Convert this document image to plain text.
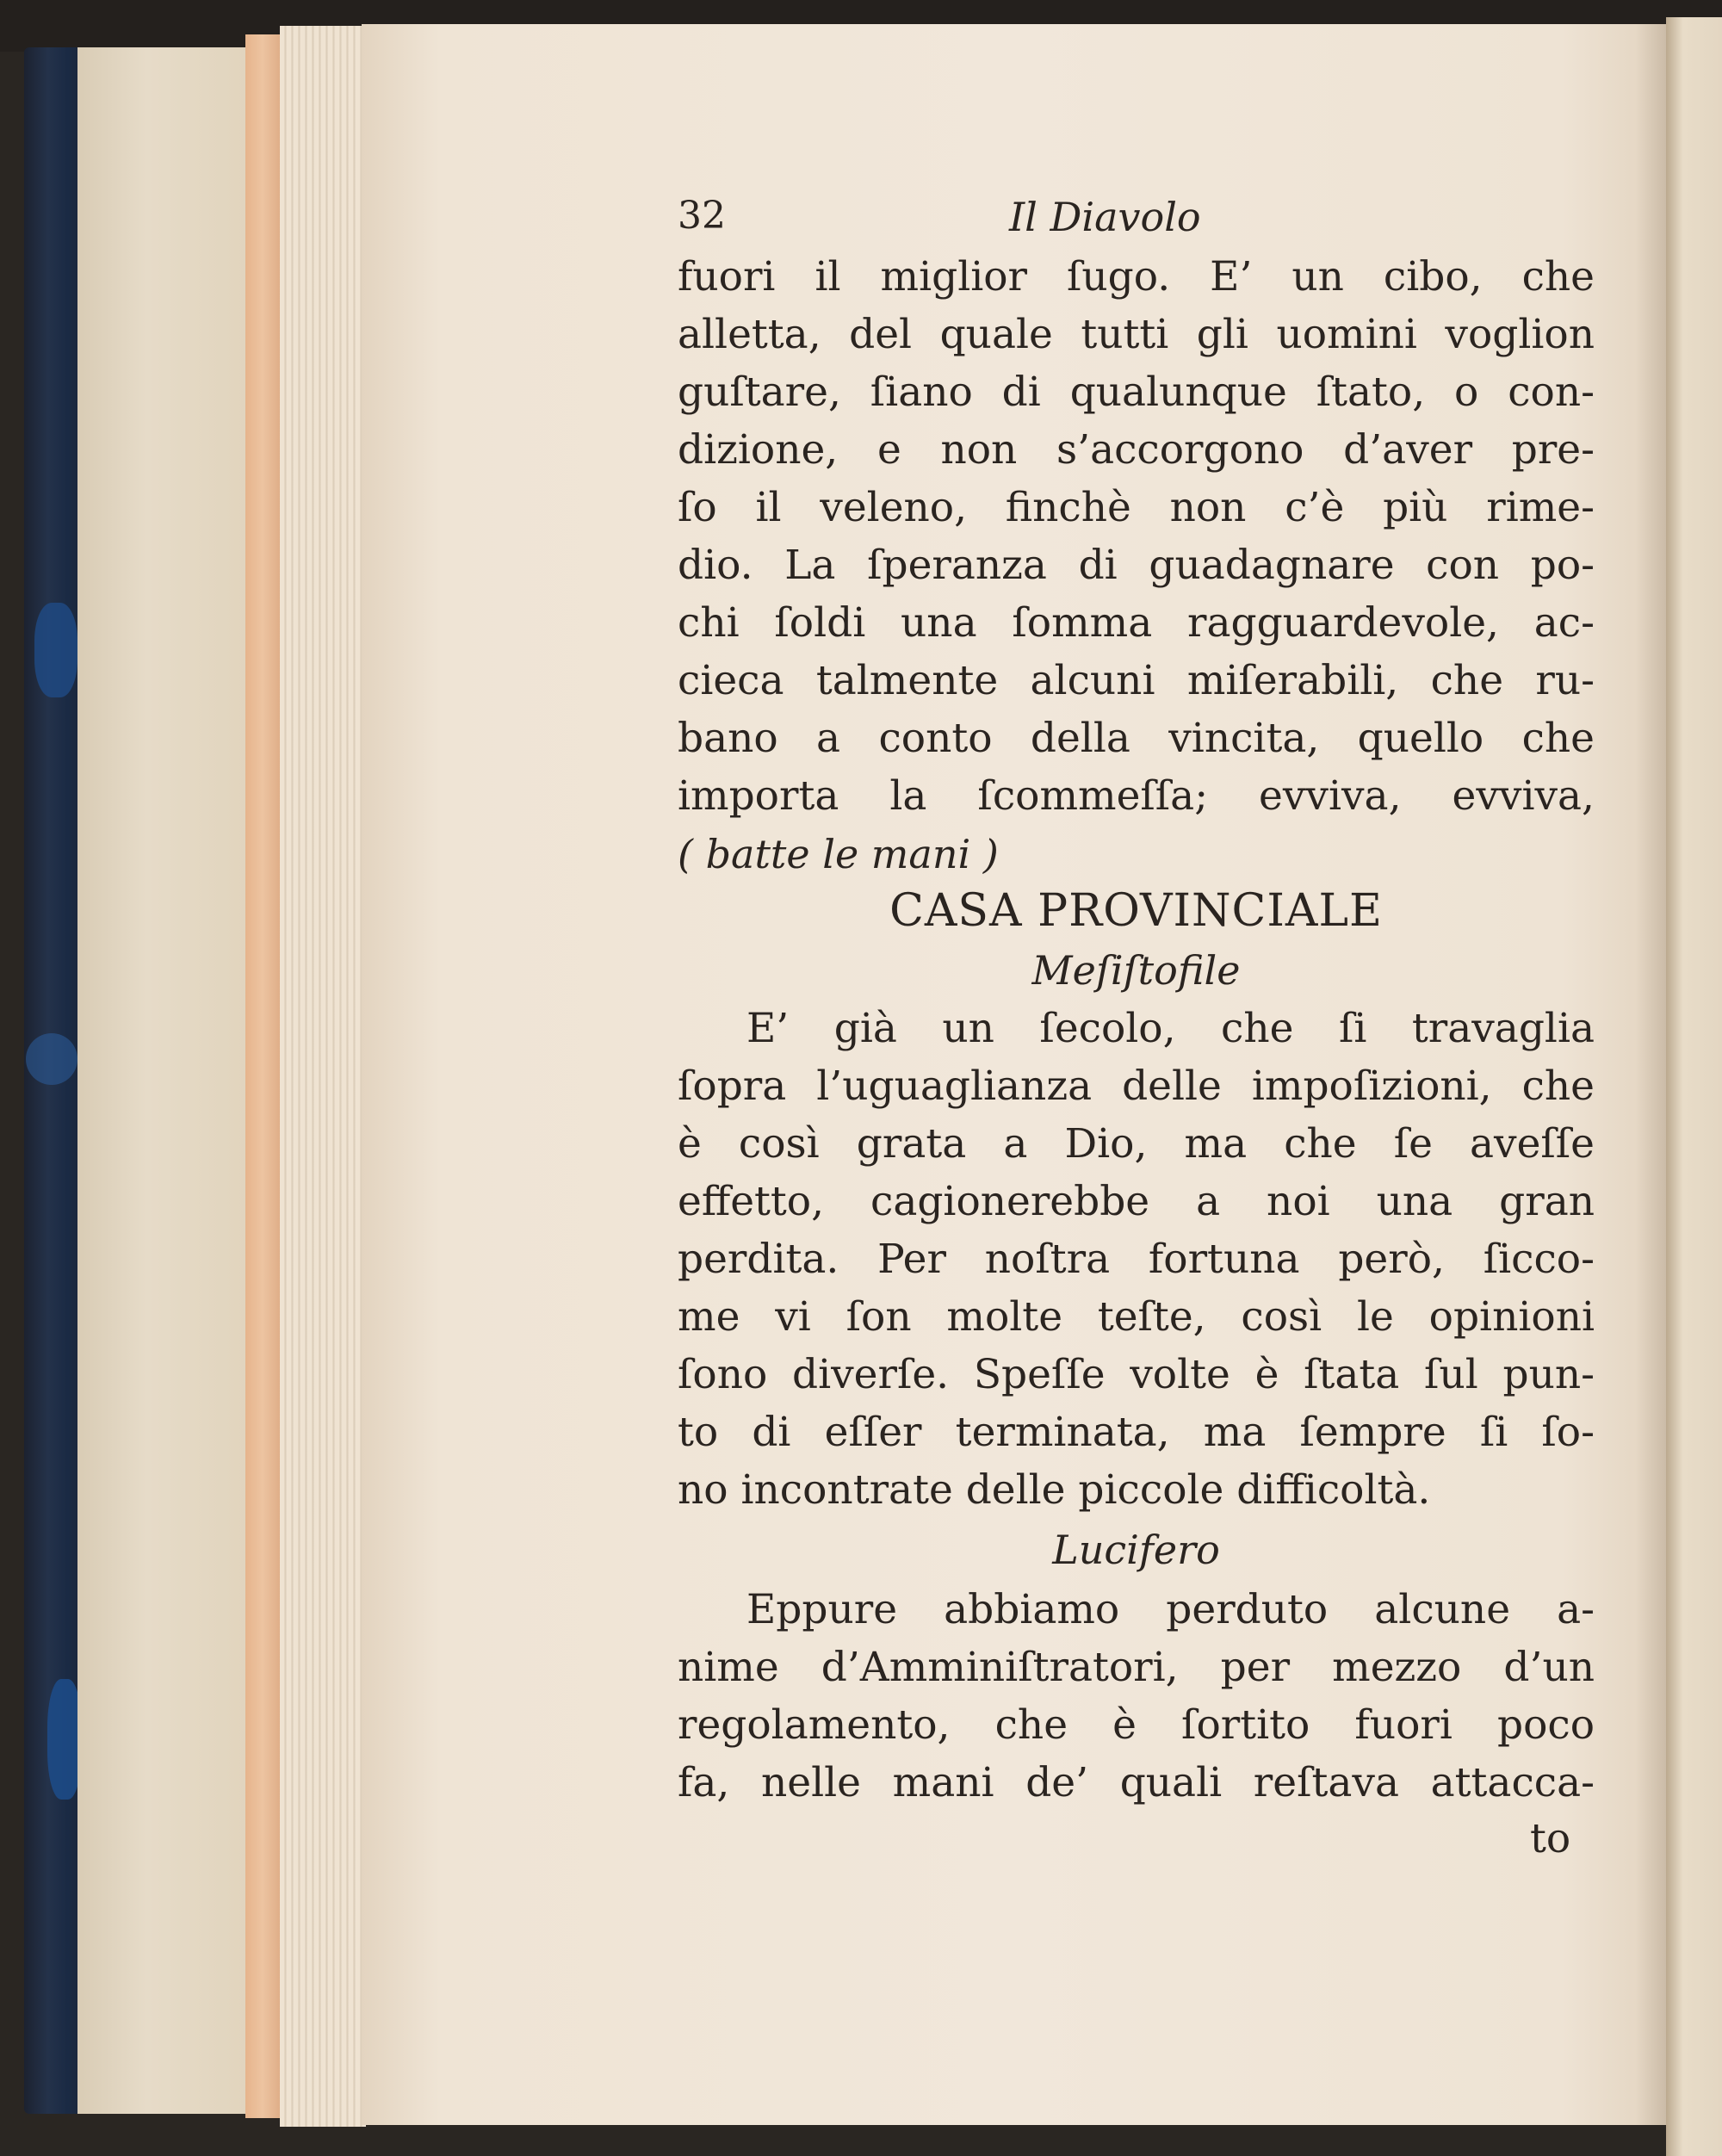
32	Il Diavolo
fuori il miglior ſugo. E’ un cibo, che
alletta, del quale tutti gli uomini voglion
guſtare, ſiano di qualunque ſtato, o con-
dizione, e non s’accorgono d’aver pre-
ſo il veleno, finchè non c’è più rime-
dio. La ſperanza di guadagnare con po-
chi ſoldi una ſomma ragguardevole, ac-
cieca talmente alcuni miſerabili, che ru-
bano a conto della vincita, quello che
importa la ſcommeſſa; evviva, evviva,
( batte le mani )
CASA PROVINCIALE
Meſiſtofile
E’ già un ſecolo, che ſi travaglia
ſopra l’uguaglianza delle impoſizioni, che
è così grata a Dio, ma che ſe aveſſe
effetto, cagionerebbe a noi una gran
perdita. Per noſtra fortuna però, ſicco-
me vi ſon molte teſte, così le opinioni
ſono diverſe. Speſſe volte è ſtata ſul pun-
to di eſſer terminata, ma ſempre ſi ſo-
no incontrate delle piccole difficoltà.
Lucifero
Eppure abbiamo perduto alcune a-
nime d’Amminiſtratori, per mezzo d’un
regolamento, che è ſortito fuori poco
fa, nelle mani de’ quali reſtava attacca-
to
